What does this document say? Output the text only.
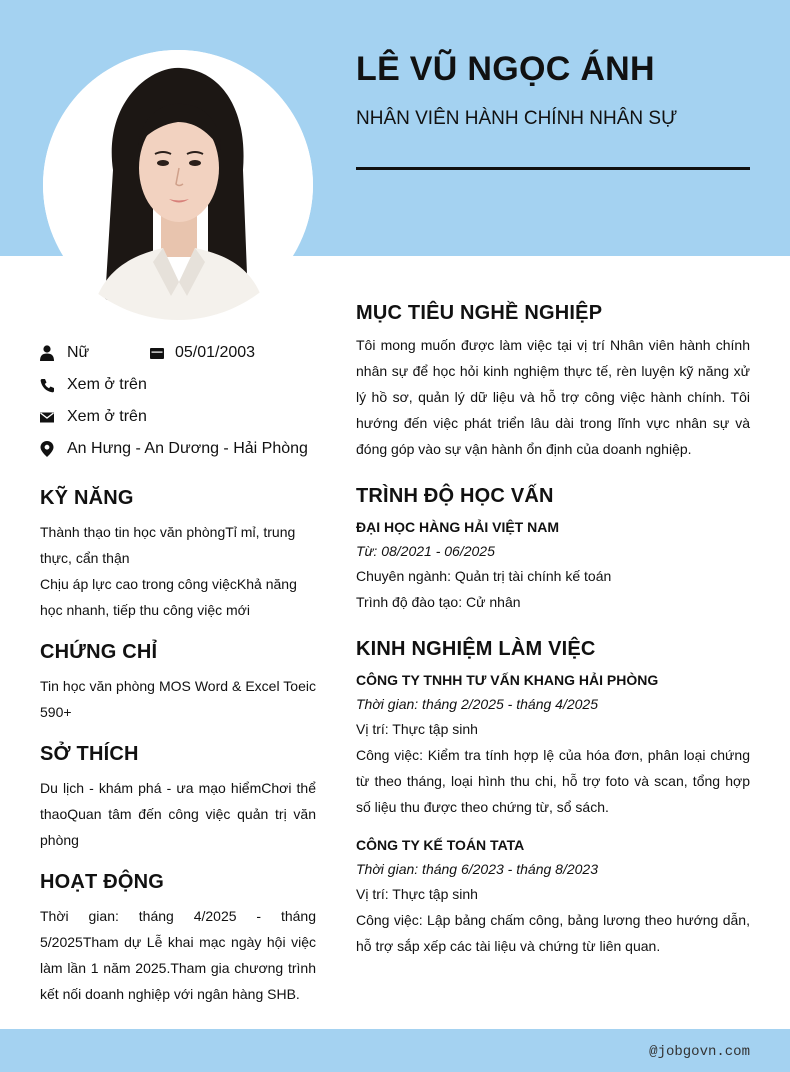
LÊ VŨ NGỌC ÁNH
NHÂN VIÊN HÀNH CHÍNH NHÂN SỰ
Nữ	05/01/2003
Xem ở trên
Xem ở trên
An Hưng - An Dương - Hải Phòng
KỸ NĂNG
Thành thạo tin học văn phòngTỉ mỉ, trung
thực, cẩn thận
Chịu áp lực cao trong công việcKhả năng
học nhanh, tiếp thu công việc mới
CHỨNG CHỈ
Tin học văn phòng MOS Word & Excel Toeic 590+
SỞ THÍCH
Du lịch - khám phá - ưa mạo hiểmChơi thể thaoQuan tâm đến công việc quản trị văn phòng
HOẠT ĐỘNG
Thời gian: tháng 4/2025 - tháng 5/2025Tham dự Lễ khai mạc ngày hội việc làm lần 1 năm 2025.Tham gia chương trình kết nối doanh nghiệp với ngân hàng SHB.
MỤC TIÊU NGHỀ NGHIỆP
Tôi mong muốn được làm việc tại vị trí Nhân viên hành chính nhân sự để học hỏi kinh nghiệm thực tế, rèn luyện kỹ năng xử lý hồ sơ, quản lý dữ liệu và hỗ trợ công việc hành chính. Tôi hướng đến việc phát triển lâu dài trong lĩnh vực nhân sự và đóng góp vào sự vận hành ổn định của doanh nghiệp.
TRÌNH ĐỘ HỌC VẤN
ĐẠI HỌC HÀNG HẢI VIỆT NAM
Từ: 08/2021 - 06/2025
Chuyên ngành: Quản trị tài chính kế toán
Trình độ đào tạo: Cử nhân
KINH NGHIỆM LÀM VIỆC
CÔNG TY TNHH TƯ VẤN KHANG HẢI PHÒNG
Thời gian: tháng 2/2025 - tháng 4/2025
Vị trí: Thực tập sinh
Công việc: Kiểm tra tính hợp lệ của hóa đơn, phân loại chứng từ theo tháng, loại hình thu chi, hỗ trợ foto và scan, tổng hợp số liệu thu được theo chứng từ, sổ sách.
CÔNG TY KẾ TOÁN TATA
Thời gian: tháng 6/2023 - tháng 8/2023
Vị trí: Thực tập sinh
Công việc: Lập bảng chấm công, bảng lương theo hướng dẫn, hỗ trợ sắp xếp các tài liệu và chứng từ liên quan.
@jobgovn.com
